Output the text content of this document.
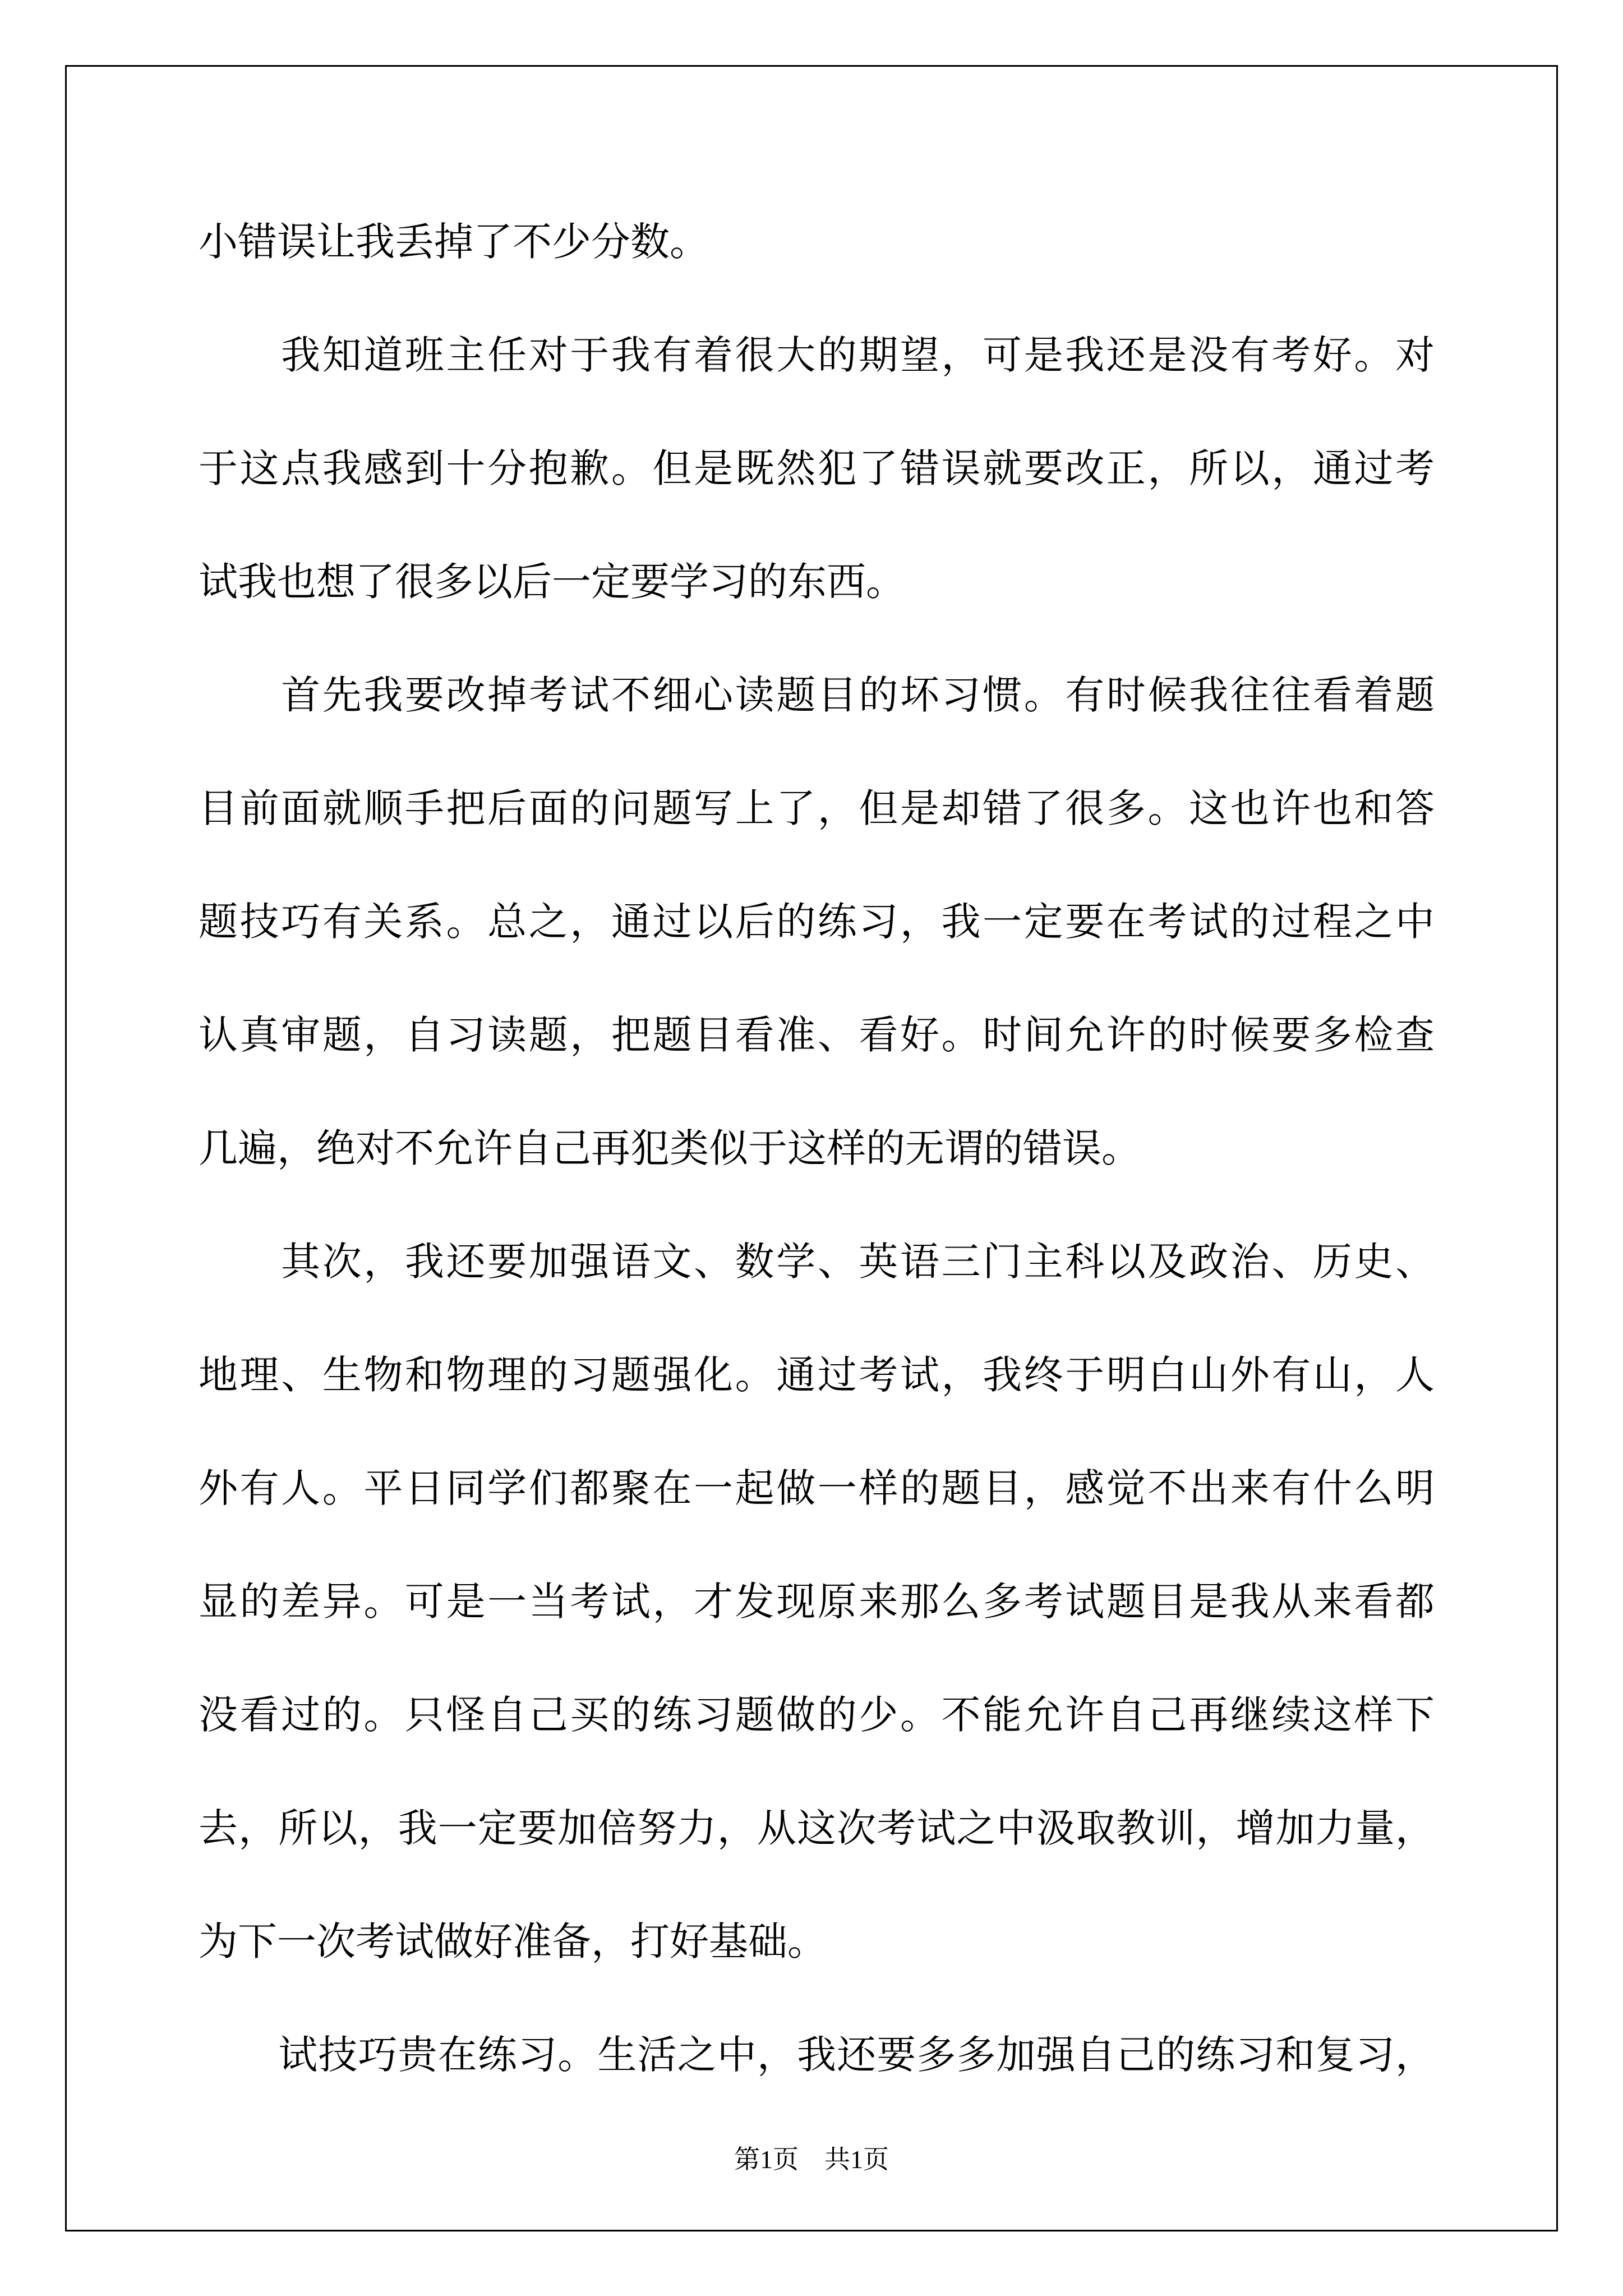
小错误让我丢掉了不少分数。
　　我知道班主任对于我有着很大的期望，可是我还是没有考好。对
于这点我感到十分抱歉。但是既然犯了错误就要改正，所以，通过考
试我也想了很多以后一定要学习的东西。
　　首先我要改掉考试不细心读题目的坏习惯。有时候我往往看着题
目前面就顺手把后面的问题写上了，但是却错了很多。这也许也和答
题技巧有关系。总之，通过以后的练习，我一定要在考试的过程之中
认真审题，自习读题，把题目看准、看好。时间允许的时候要多检查
几遍，绝对不允许自己再犯类似于这样的无谓的错误。
　　其次，我还要加强语文、数学、英语三门主科以及政治、历史、
地理、生物和物理的习题强化。通过考试，我终于明白山外有山，人
外有人。平日同学们都聚在一起做一样的题目，感觉不出来有什么明
显的差异。可是一当考试，才发现原来那么多考试题目是我从来看都
没看过的。只怪自己买的练习题做的少。不能允许自己再继续这样下
去，所以，我一定要加倍努力，从这次考试之中汲取教训，增加力量，
为下一次考试做好准备，打好基础。
　　试技巧贵在练习。生活之中，我还要多多加强自己的练习和复习，
第1页　共1页
